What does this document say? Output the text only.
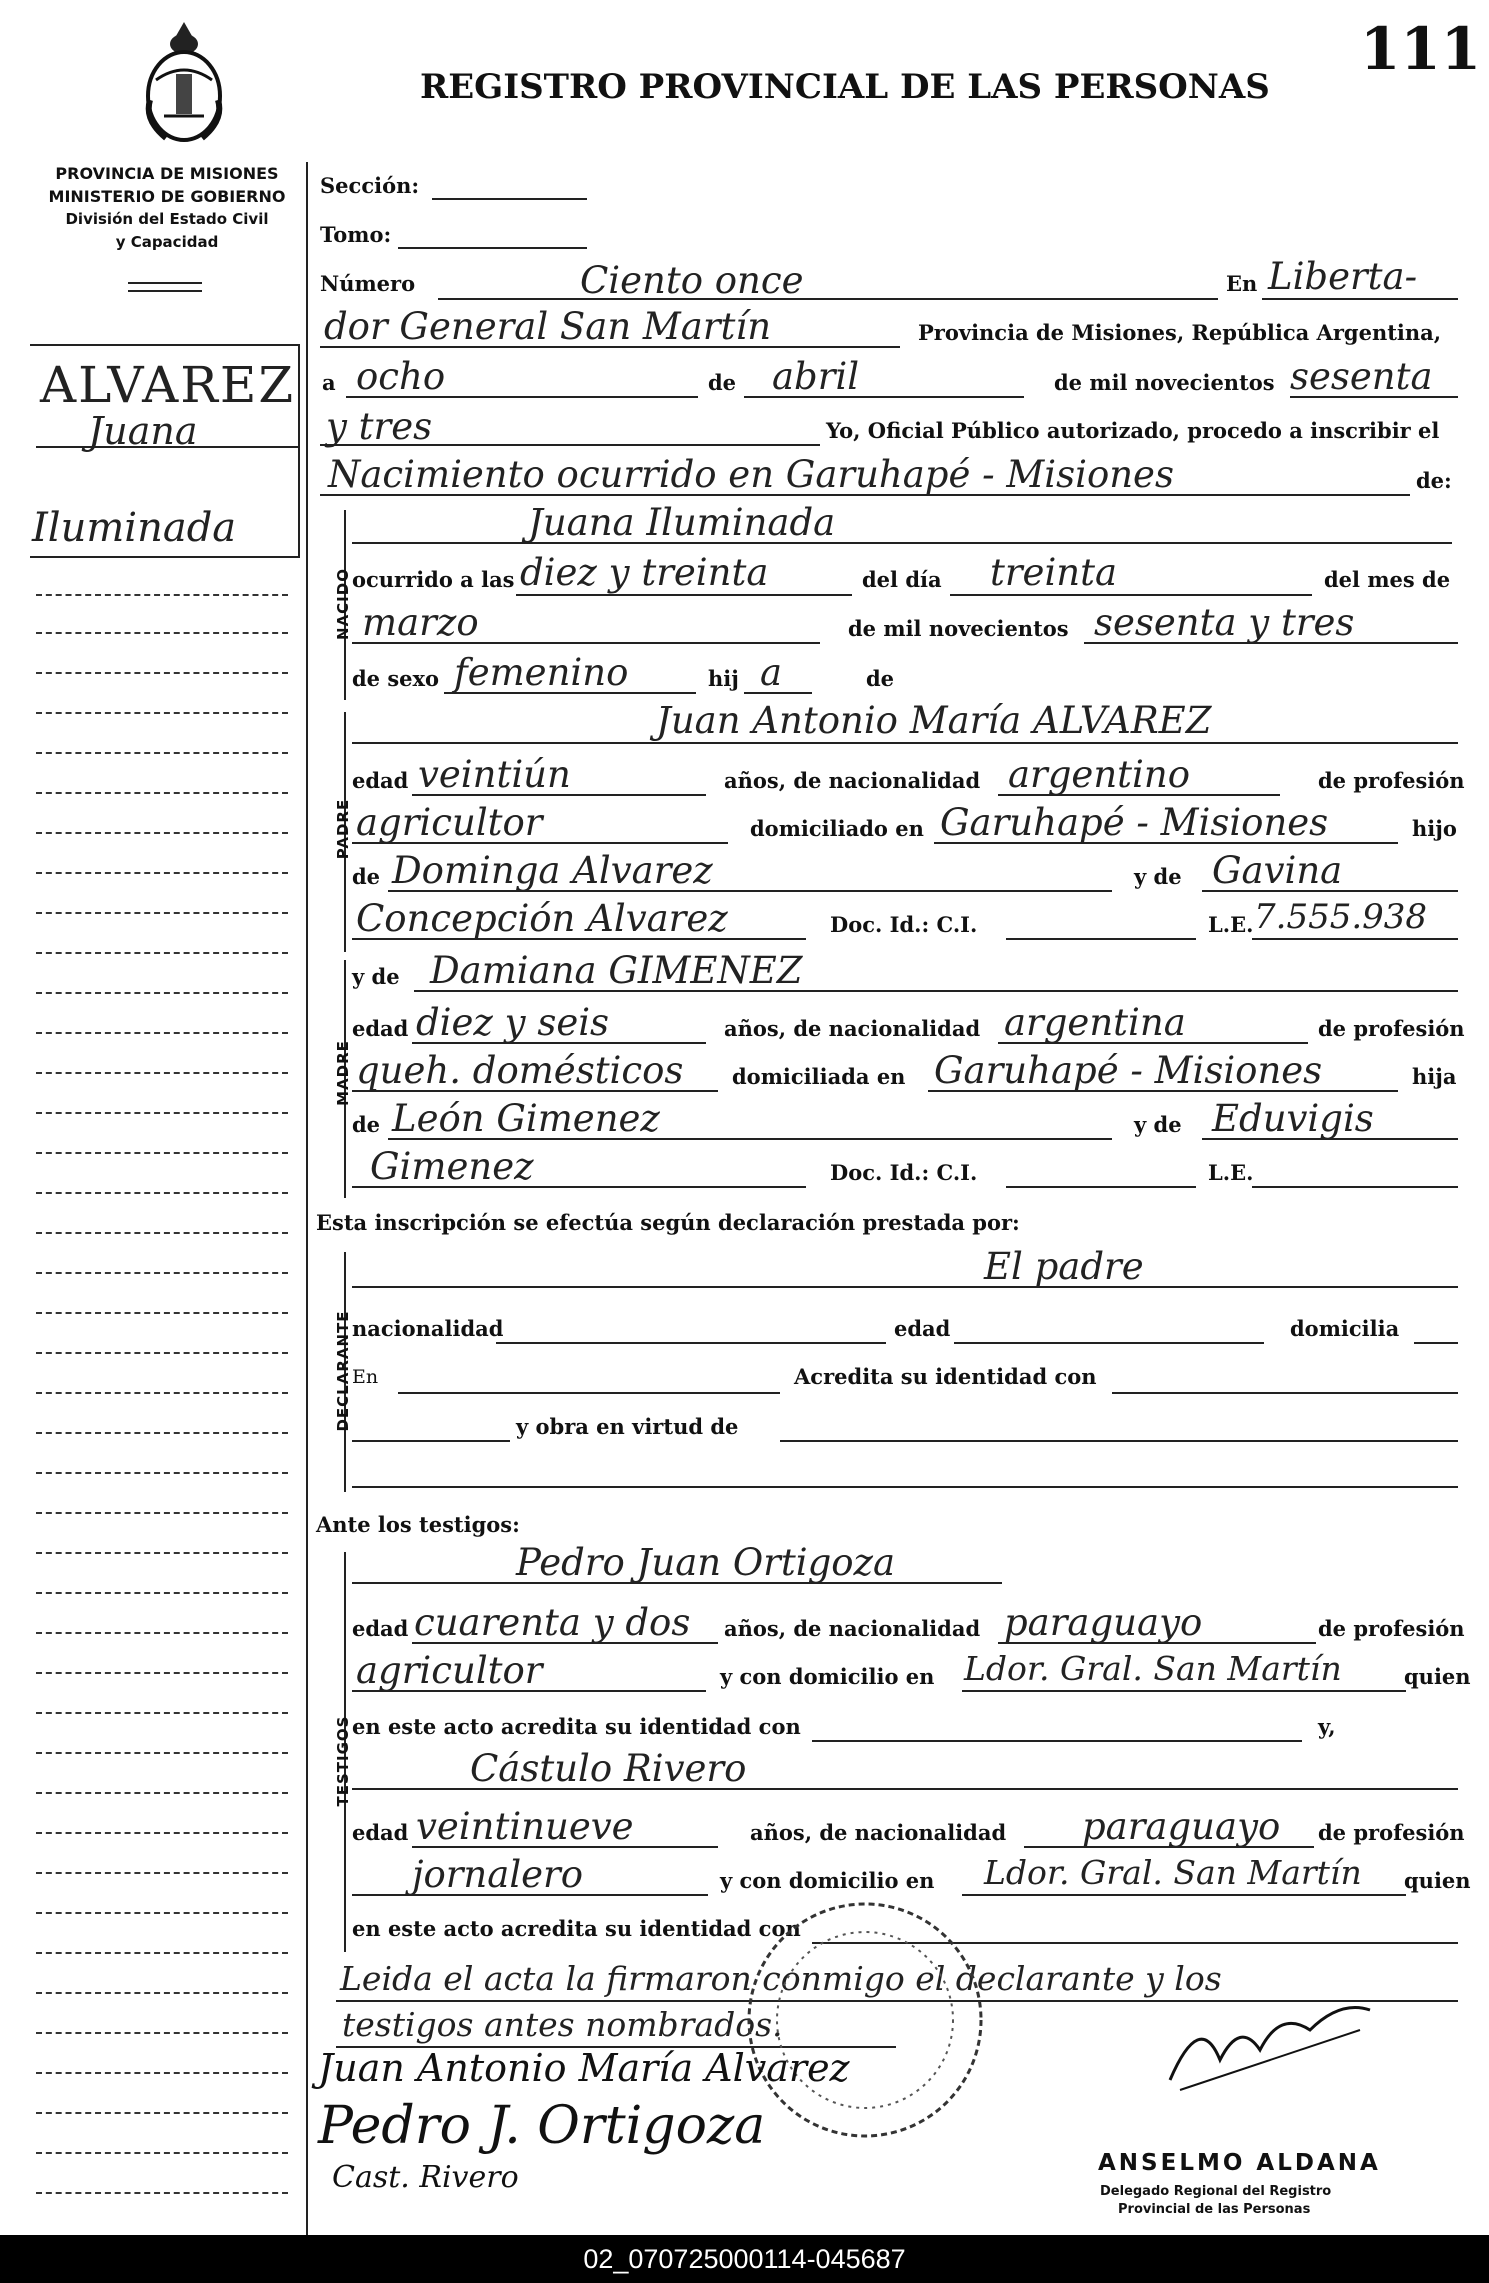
111
REGISTRO PROVINCIAL DE LAS PERSONAS
PROVINCIA DE MISIONES
MINISTERIO DE GOBIERNO
División del Estado Civil
y Capacidad
ALVAREZ
Juana
Iluminada
Sección:
Tomo:
Número	Ciento once	En Liberta-
dor General San Martín	Provincia de Misiones, República Argentina,
a ocho	de abril	de mil novecientos sesenta
y tres	Yo, Oficial Público autorizado, procedo a inscribir el
Nacimiento ocurrido en Garuhapé - Misiones	de:
NACIDO
Juana Iluminada
ocurrido a las diez y treinta	del día treinta	del mes de
marzo	de mil novecientos sesenta y tres
de sexo femenino	hij a	de
PADRE
Juan Antonio María ALVAREZ
edad veintiún	años, de nacionalidad argentino	de profesión
agricultor	domiciliado en Garuhapé - Misiones	hijo
de Dominga Alvarez	y de Gavina
Concepción Alvarez	Doc. Id.: C.I.	L.E. 7.555.938
MADRE
y de Damiana GIMENEZ
edad diez y seis	años, de nacionalidad argentina	de profesión
queh. domésticos domiciliada en Garuhapé - Misiones	hija
de León Gimenez	y de Eduvigis
Gimenez	Doc. Id.: C.I.	L.E.
Esta inscripción se efectúa según declaración prestada por:
DECLARANTE
El padre
nacionalidad	edad	domicilia
En	Acredita su identidad con
y obra en virtud de
Ante los testigos:
TESTIGOS
Pedro Juan Ortigoza
edad cuarenta y dos años, de nacionalidad paraguayo	de profesión
agricultor	y con domicilio en Ldor. Gral. San Martín	quien
en este acto acredita su identidad con	y,
Cástulo Rivero
edad veintinueve	años, de nacionalidad paraguayo de profesión
jornalero	y con domicilio en Ldor. Gral. San Martín quien
en este acto acredita su identidad con
Leida el acta la firmaron conmigo el declarante y los
testigos antes nombrados.
Juan Antonio María Alvarez
Pedro J. Ortigoza
Cast. Rivero	ANSELMO ALDANA
Delegado Regional del Registro
Provincial de las Personas
02_070725000114-045687
